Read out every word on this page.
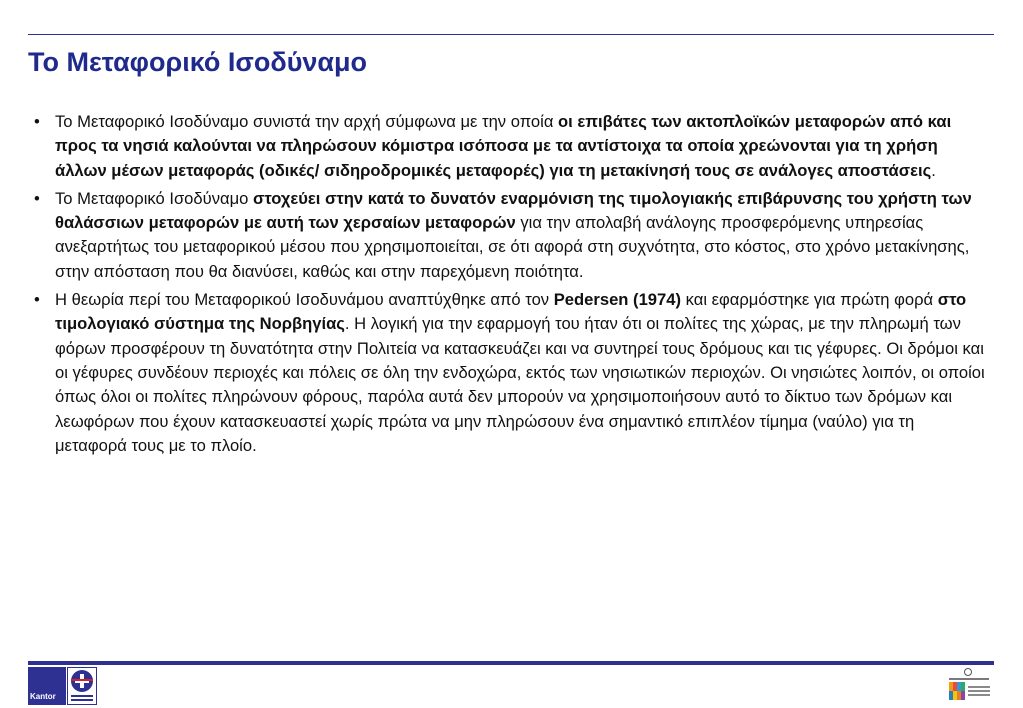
Το Μεταφορικό Ισοδύναμο
• Το Μεταφορικό Ισοδύναμο συνιστά την αρχή σύμφωνα με την οποία οι επιβάτες των ακτοπλοϊκών μεταφορών από και προς τα νησιά καλούνται να πληρώσουν κόμιστρα ισόποσα με τα αντίστοιχα τα οποία χρεώνονται για τη χρήση άλλων μέσων μεταφοράς (οδικές/ σιδηροδρομικές μεταφορές) για τη μετακίνησή τους σε ανάλογες αποστάσεις.
• Το Μεταφορικό Ισοδύναμο στοχεύει στην κατά το δυνατόν εναρμόνιση της τιμολογιακής επιβάρυνσης του χρήστη των θαλάσσιων μεταφορών με αυτή των χερσαίων μεταφορών για την απολαβή ανάλογης προσφερόμενης υπηρεσίας ανεξαρτήτως του μεταφορικού μέσου που χρησιμοποιείται, σε ότι αφορά στη συχνότητα, στο κόστος, στο χρόνο μετακίνησης, στην απόσταση που θα διανύσει, καθώς και στην παρεχόμενη ποιότητα.
• Η θεωρία περί του Μεταφορικού Ισοδυνάμου αναπτύχθηκε από τον Pedersen (1974) και εφαρμόστηκε για πρώτη φορά στο τιμολογιακό σύστημα της Νορβηγίας. Η λογική για την εφαρμογή του ήταν ότι οι πολίτες της χώρας, με την πληρωμή των φόρων προσφέρουν τη δυνατότητα στην Πολιτεία να κατασκευάζει και να συντηρεί τους δρόμους και τις γέφυρες. Οι δρόμοι και οι γέφυρες συνδέουν περιοχές και πόλεις σε όλη την ενδοχώρα, εκτός των νησιωτικών περιοχών. Οι νησιώτες λοιπόν, οι οποίοι όπως όλοι οι πολίτες πληρώνουν φόρους, παρόλα αυτά δεν μπορούν να χρησιμοποιήσουν αυτό το δίκτυο των δρόμων και λεωφόρων που έχουν κατασκευαστεί χωρίς πρώτα να μην πληρώσουν ένα σημαντικό επιπλέον τίμημα (ναύλο) για τη μεταφορά τους με το πλοίο.
Kantor
